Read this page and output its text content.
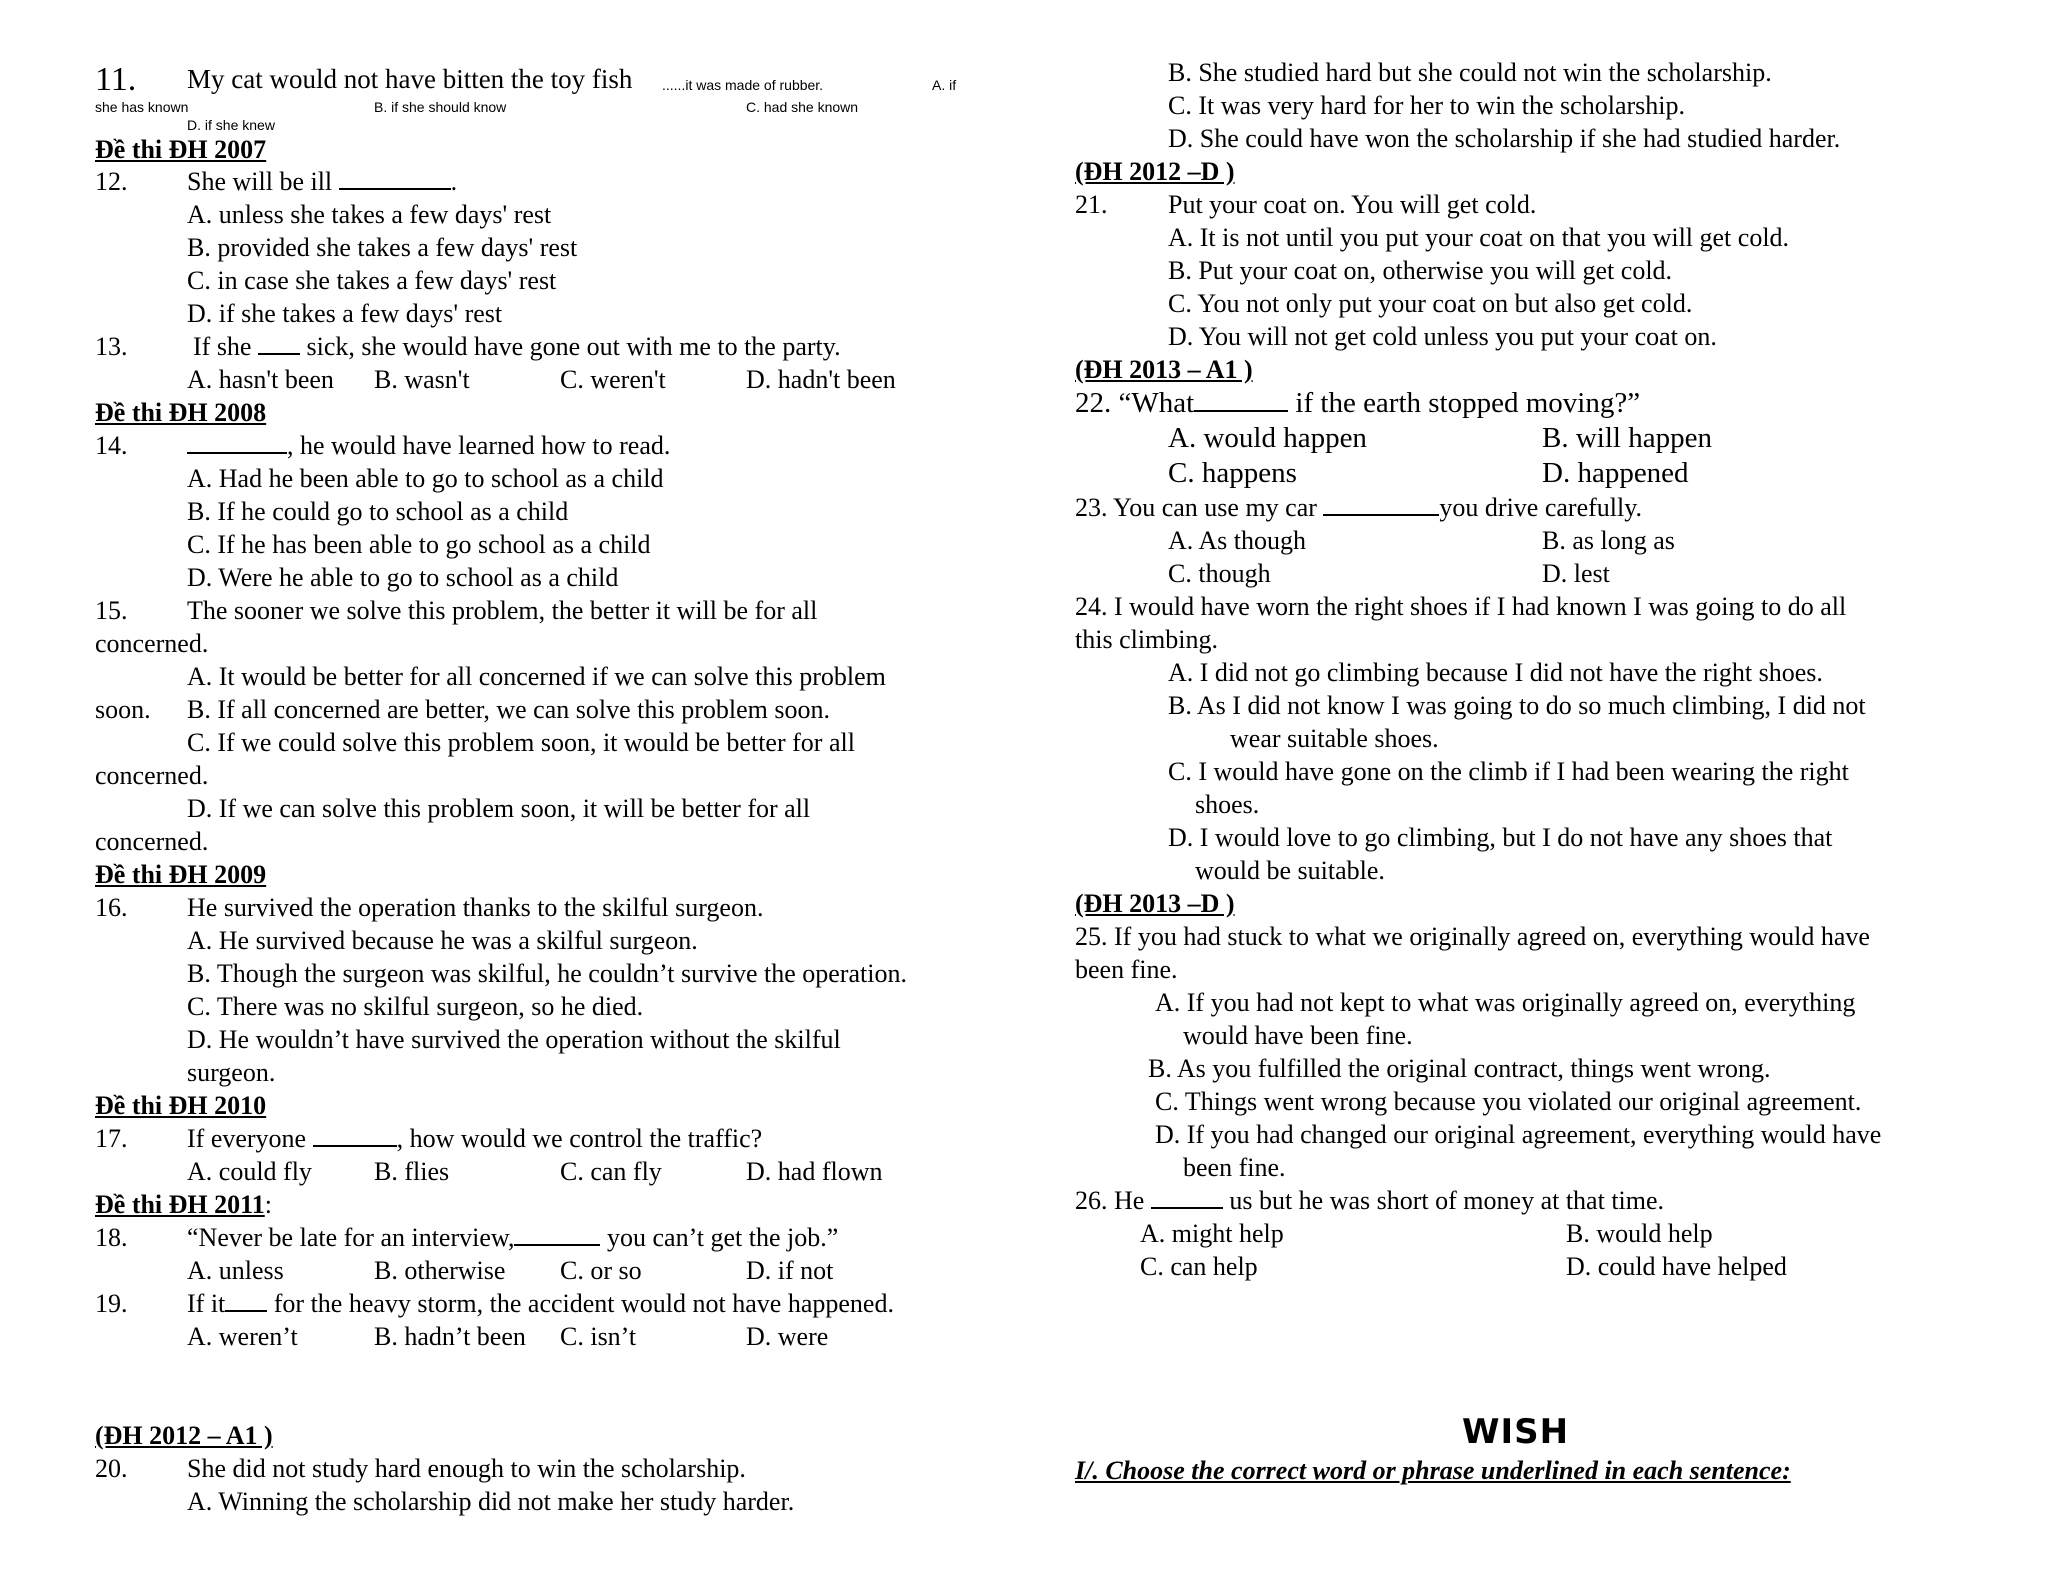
11. My cat would not have bitten the toy fish ......it was made of rubber.	A. if
she has known	B. if she should know	C. had she known
D. if she knew
Đề thi ĐH 2007
12. She will be ill	.
A. unless she takes a few days' rest
B. provided she takes a few days' rest
C. in case she takes a few days' rest
D. if she takes a few days' rest
13.	If she sick, she would have gone out with me to the party.
A. hasn't been B. wasn't	C. weren't	D. hadn't been
Đề thi ĐH 2008
14.	, he would have learned how to read.
A. Had he been able to go to school as a child
B. If he could go to school as a child
C. If he has been able to go school as a child
D. Were he able to go to school as a child
15. The sooner we solve this problem, the better it will be for all
concerned.
A. It would be better for all concerned if we can solve this problem
soon. B. If all concerned are better, we can solve this problem soon.
C. If we could solve this problem soon, it would be better for all
concerned.
D. If we can solve this problem soon, it will be better for all
concerned.
Đề thi ĐH 2009
16. He survived the operation thanks to the skilful surgeon.
A. He survived because he was a skilful surgeon.
B. Though the surgeon was skilful, he couldn’t survive the operation.
C. There was no skilful surgeon, so he died.
D. He wouldn’t have survived the operation without the skilful
surgeon.
Đề thi ĐH 2010
17. If everyone	, how would we control the traffic?
A. could fly B. flies	C. can fly	D. had flown
Đề thi ĐH 2011:
18. “Never be late for an interview,	you can’t get the job.”
A. unless	B. otherwise C. or so	D. if not
19. If it for the heavy storm, the accident would not have happened.
A. weren’t	B. hadn’t been C. isn’t	D. were
(ĐH 2012 – A1 )
20. She did not study hard enough to win the scholarship.
A. Winning the scholarship did not make her study harder.
B. She studied hard but she could not win the scholarship.
C. It was very hard for her to win the scholarship.
D. She could have won the scholarship if she had studied harder.
(ĐH 2012 –D )
21. Put your coat on. You will get cold.
A. It is not until you put your coat on that you will get cold.
B. Put your coat on, otherwise you will get cold.
C. You not only put your coat on but also get cold.
D. You will not get cold unless you put your coat on.
(ĐH 2013 – A1 )
22. “What	if the earth stopped moving?”
A. would happen	B. will happen
C. happens	D. happened
23. You can use my car	you drive carefully.
A. As though	B. as long as
C. though	D. lest
24. I would have worn the right shoes if I had known I was going to do all
this climbing.
A. I did not go climbing because I did not have the right shoes.
B. As I did not know I was going to do so much climbing, I did not
wear suitable shoes.
C. I would have gone on the climb if I had been wearing the right
shoes.
D. I would love to go climbing, but I do not have any shoes that
would be suitable.
(ĐH 2013 –D )
25. If you had stuck to what we originally agreed on, everything would have
been fine.
A. If you had not kept to what was originally agreed on, everything
would have been fine.
B. As you fulfilled the original contract, things went wrong.
C. Things went wrong because you violated our original agreement.
D. If you had changed our original agreement, everything would have
been fine.
26. He	us but he was short of money at that time.
A. might help	B. would help
C. can help	D. could have helped
WISH
I/. Choose the correct word or phrase underlined in each sentence:
